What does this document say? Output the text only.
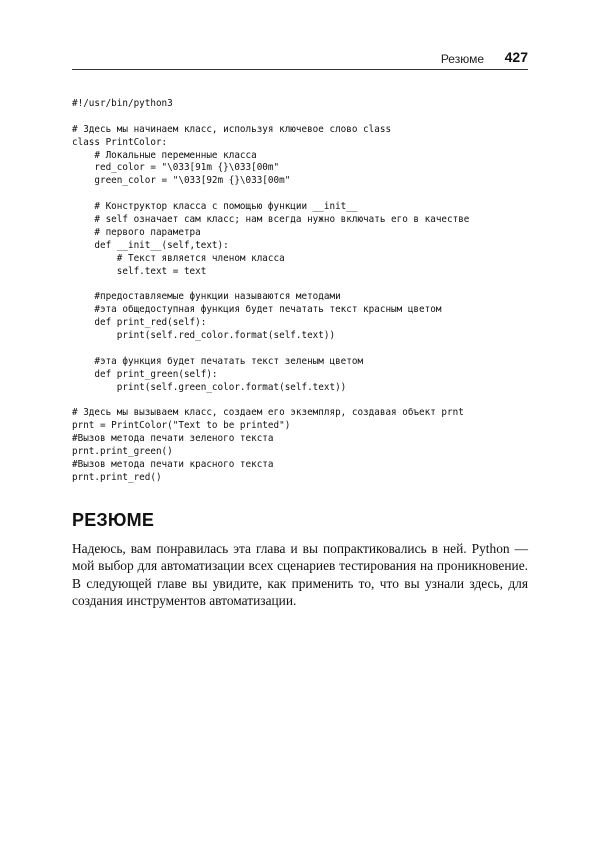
Резюме 427
#!/usr/bin/python3
# Здесь мы начинаем класс, используя ключевое слово class
class PrintColor:
# Локальные переменные класса
red_color = "\033[91m {}\033[00m"
green_color = "\033[92m {}\033[00m"
# Конструктор класса с помощью функции __init__
# self означает сам класс; нам всегда нужно включать его в качестве
# первого параметра
def __init__(self,text):
# Текст является членом класса
self.text = text
#предоставляемые функции называются методами
#эта общедоступная функция будет печатать текст красным цветом
def print_red(self):
print(self.red_color.format(self.text))
#эта функция будет печатать текст зеленым цветом
def print_green(self):
print(self.green_color.format(self.text))
# Здесь мы вызываем класс, создаем его экземпляр, создавая объект prnt
prnt = PrintColor("Text to be printed")
#Вызов метода печати зеленого текста
prnt.print_green()
#Вызов метода печати красного текста
prnt.print_red()
РЕЗЮМЕ

Надеюсь, вам понравилась эта глава и вы попрактиковались в ней. Python — мой выбор для автоматизации всех сценариев тестирования на проникновение. В следующей главе вы увидите, как применить то, что вы узнали здесь, для создания инструментов автоматизации.
